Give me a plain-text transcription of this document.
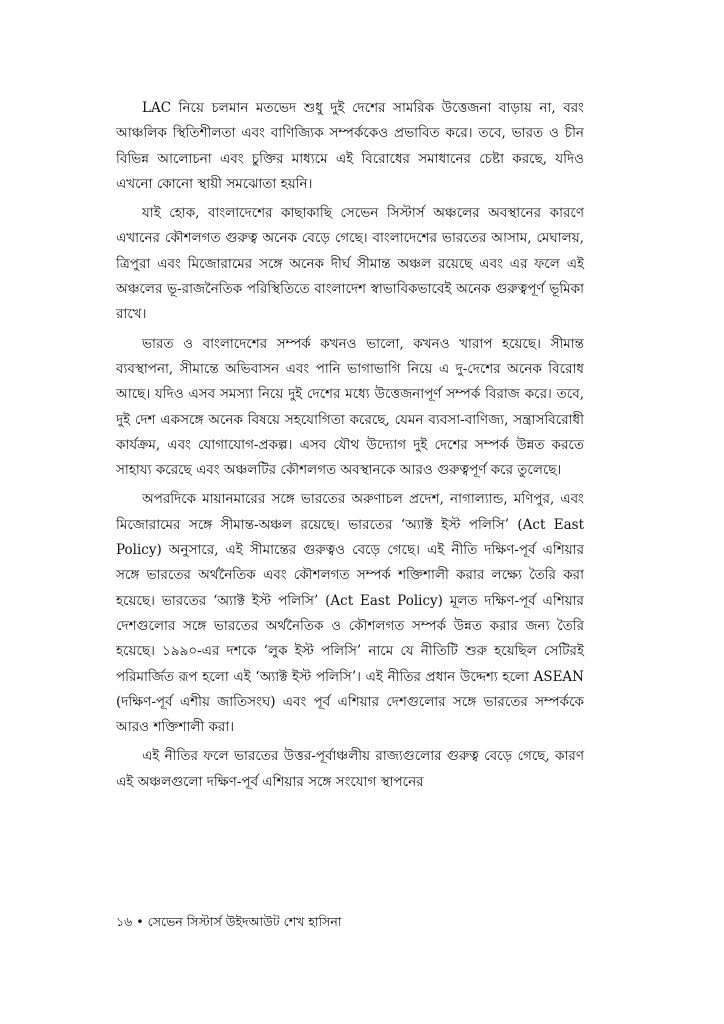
LAC নিয়ে চলমান মতভেদ শুধু দুই দেশের সামরিক উত্তেজনা বাড়ায় না, বরং আঞ্চলিক স্থিতিশীলতা এবং বাণিজ্যিক সম্পর্ককেও প্রভাবিত করে। তবে, ভারত ও চীন বিভিন্ন আলোচনা এবং চুক্তির মাধ্যমে এই বিরোধের সমাধানের চেষ্টা করছে, যদিও এখনো কোনো স্থায়ী সমঝোতা হয়নি।

যাই হোক, বাংলাদেশের কাছাকাছি সেভেন সিস্টার্স অঞ্চলের অবস্থানের কারণে এখানের কৌশলগত গুরুত্ব অনেক বেড়ে গেছে। বাংলাদেশের ভারতের আসাম, মেঘালয়, ত্রিপুরা এবং মিজোরামের সঙ্গে অনেক দীর্ঘ সীমান্ত অঞ্চল রয়েছে এবং এর ফলে এই অঞ্চলের ভূ-রাজনৈতিক পরিস্থিতিতে বাংলাদেশ স্বাভাবিকভাবেই অনেক গুরুত্বপূর্ণ ভূমিকা রাখে।

ভারত ও বাংলাদেশের সম্পর্ক কখনও ভালো, কখনও খারাপ হয়েছে। সীমান্ত ব্যবস্থাপনা, সীমান্তে অভিবাসন এবং পানি ভাগাভাগি নিয়ে এ দু-দেশের অনেক বিরোধ আছে। যদিও এসব সমস্যা নিয়ে দুই দেশের মধ্যে উত্তেজনাপূর্ণ সম্পর্ক বিরাজ করে। তবে, দুই দেশ একসঙ্গে অনেক বিষয়ে সহযোগিতা করেছে, যেমন ব্যবসা-বাণিজ্য, সন্ত্রাসবিরোধী কার্যক্রম, এবং যোগাযোগ-প্রকল্প। এসব যৌথ উদ্যোগ দুই দেশের সম্পর্ক উন্নত করতে সাহায্য করেছে এবং অঞ্চলটির কৌশলগত অবস্থানকে আরও গুরুত্বপূর্ণ করে তুলেছে।

অপরদিকে মায়ানমারের সঙ্গে ভারতের অরুণাচল প্রদেশ, নাগাল্যান্ড, মণিপুর, এবং মিজোরামের সঙ্গে সীমান্ত-অঞ্চল রয়েছে। ভারতের ‘অ্যাক্ট ইস্ট পলিসি’ (Act East Policy) অনুসারে, এই সীমান্তের গুরুত্বও বেড়ে গেছে। এই নীতি দক্ষিণ-পূর্ব এশিয়ার সঙ্গে ভারতের অর্থনৈতিক এবং কৌশলগত সম্পর্ক শক্তিশালী করার লক্ষ্যে তৈরি করা হয়েছে। ভারতের ‘অ্যাক্ট ইস্ট পলিসি’ (Act East Policy) মূলত দক্ষিণ-পূর্ব এশিয়ার দেশগুলোর সঙ্গে ভারতের অর্থনৈতিক ও কৌশলগত সম্পর্ক উন্নত করার জন্য তৈরি হয়েছে। ১৯৯০-এর দশকে ‘লুক ইস্ট পলিসি’ নামে যে নীতিটি শুরু হয়েছিল সেটিরই পরিমার্জিত রূপ হলো এই ‘অ্যাক্ট ইস্ট পলিসি’। এই নীতির প্রধান উদ্দেশ্য হলো ASEAN (দক্ষিণ-পূর্ব এশীয় জাতিসংঘ) এবং পূর্ব এশিয়ার দেশগুলোর সঙ্গে ভারতের সম্পর্ককে আরও শক্তিশালী করা।

এই নীতির ফলে ভারতের উত্তর-পূর্বাঞ্চলীয় রাজ্যগুলোর গুরুত্ব বেড়ে গেছে, কারণ এই অঞ্চলগুলো দক্ষিণ-পূর্ব এশিয়ার সঙ্গে সংযোগ স্থাপনের

১৬ • সেভেন সিস্টার্স উইদআউট শেখ হাসিনা
